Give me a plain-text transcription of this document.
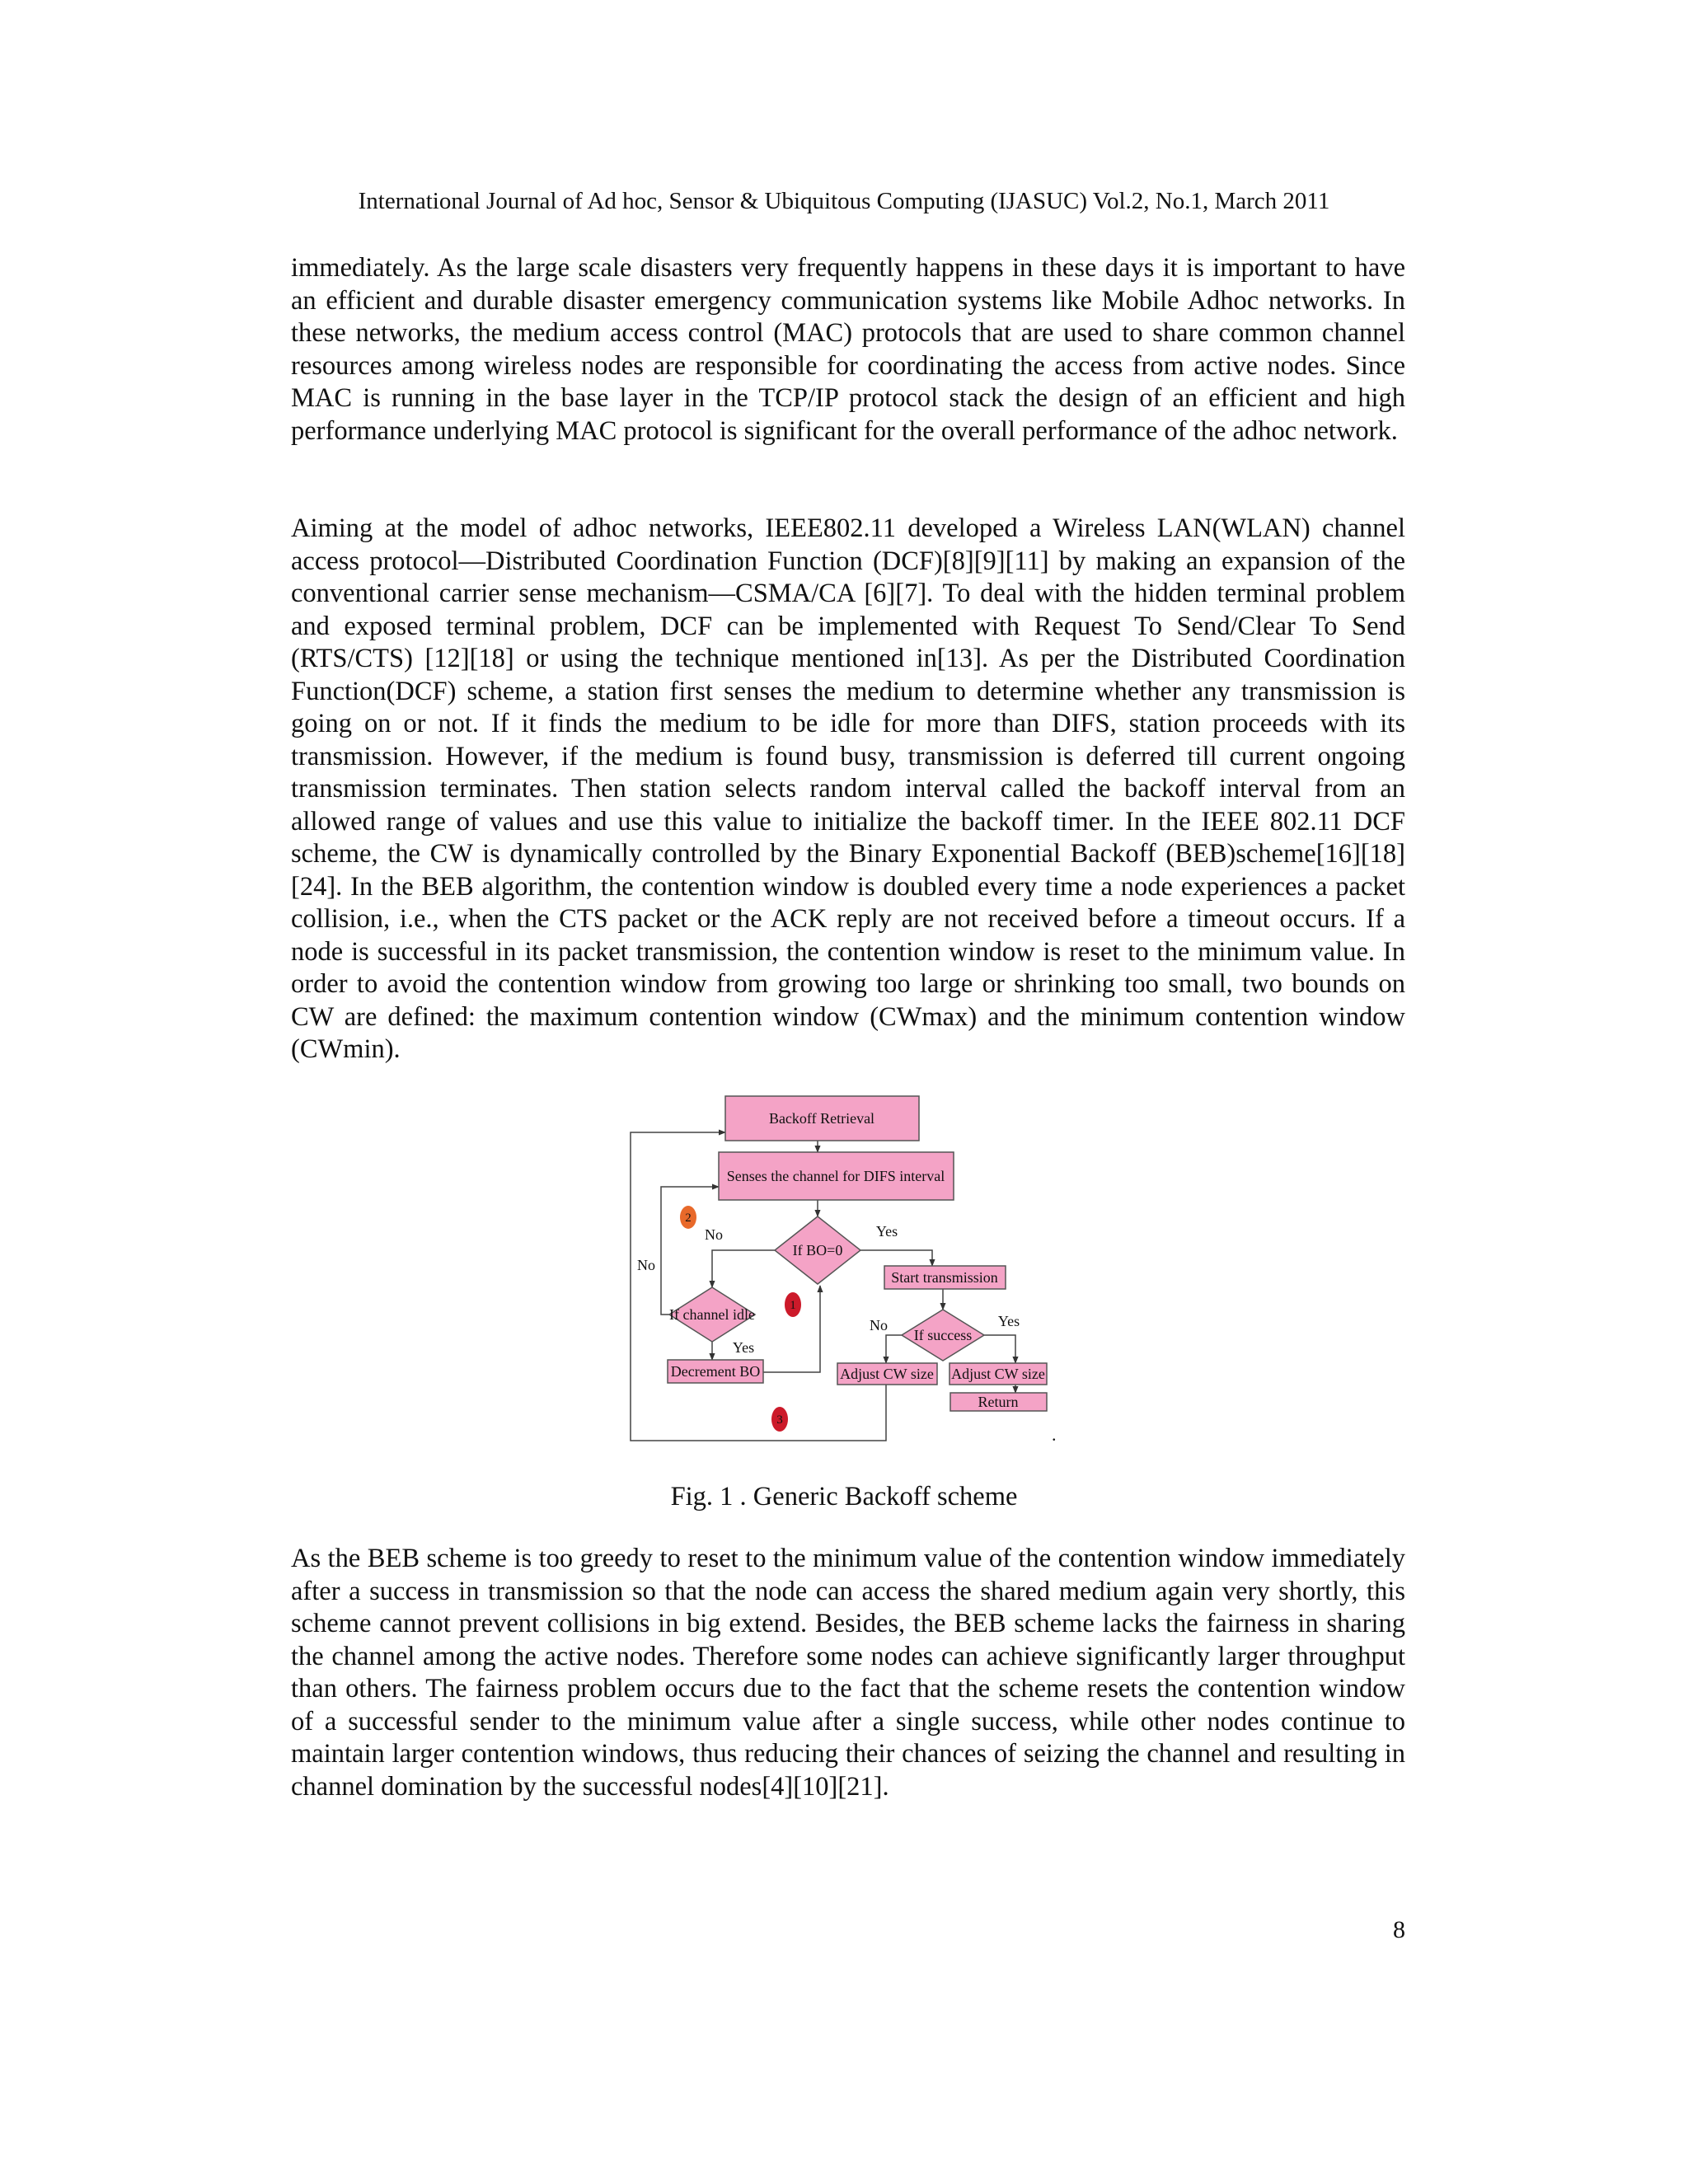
International Journal of Ad hoc, Sensor & Ubiquitous Computing (IJASUC) Vol.2, No.1, March 2011
immediately. As the large scale disasters very frequently happens in these days it is important to have an efficient and durable disaster emergency communication systems like Mobile Adhoc networks. In these networks, the medium access control (MAC) protocols that are used to share common channel resources among wireless nodes are responsible for coordinating the access from active nodes. Since MAC is running in the base layer in the TCP/IP protocol stack the design of an efficient and high performance underlying MAC protocol is significant for the overall performance of the adhoc network.
Aiming at the model of adhoc networks, IEEE802.11 developed a Wireless LAN(WLAN) channel access protocol—Distributed Coordination Function (DCF)[8][9][11] by making an expansion of the conventional carrier sense mechanism—CSMA/CA [6][7]. To deal with the hidden terminal problem and exposed terminal problem, DCF can be implemented with Request To Send/Clear To Send (RTS/CTS) [12][18] or using the technique mentioned in[13]. As per the Distributed Coordination Function(DCF) scheme, a station first senses the medium to determine whether any transmission is going on or not. If it finds the medium to be idle for more than DIFS, station proceeds with its transmission. However, if the medium is found busy, transmission is deferred till current ongoing transmission terminates. Then station selects random interval called the backoff interval from an allowed range of values and use this value to initialize the backoff timer. In the IEEE 802.11 DCF scheme, the CW is dynamically controlled by the Binary Exponential Backoff (BEB)scheme[16][18][24]. In the BEB algorithm, the contention window is doubled every time a node experiences a packet collision, i.e., when the CTS packet or the ACK reply are not received before a timeout occurs. If a node is successful in its packet transmission, the contention window is reset to the minimum value. In order to avoid the contention window from growing too large or shrinking too small, two bounds on CW are defined: the maximum contention window (CWmax) and the minimum contention window (CWmin).
Backoff Retrieval
Senses the channel for DIFS interval
If BO=0
Start transmission
If channel idle
Decrement BO
If success
Adjust CW size Adjust CW size
Return
No	Yes
No
Yes
No	Yes
2
1
3
.
Fig. 1 . Generic Backoff scheme
As the BEB scheme is too greedy to reset to the minimum value of the contention window immediately after a success in transmission so that the node can access the shared medium again very shortly, this scheme cannot prevent collisions in big extend. Besides, the BEB scheme lacks the fairness in sharing the channel among the active nodes. Therefore some nodes can achieve significantly larger throughput than others. The fairness problem occurs due to the fact that the scheme resets the contention window of a successful sender to the minimum value after a single success, while other nodes continue to maintain larger contention windows, thus reducing their chances of seizing the channel and resulting in channel domination by the successful nodes[4][10][21].
8
